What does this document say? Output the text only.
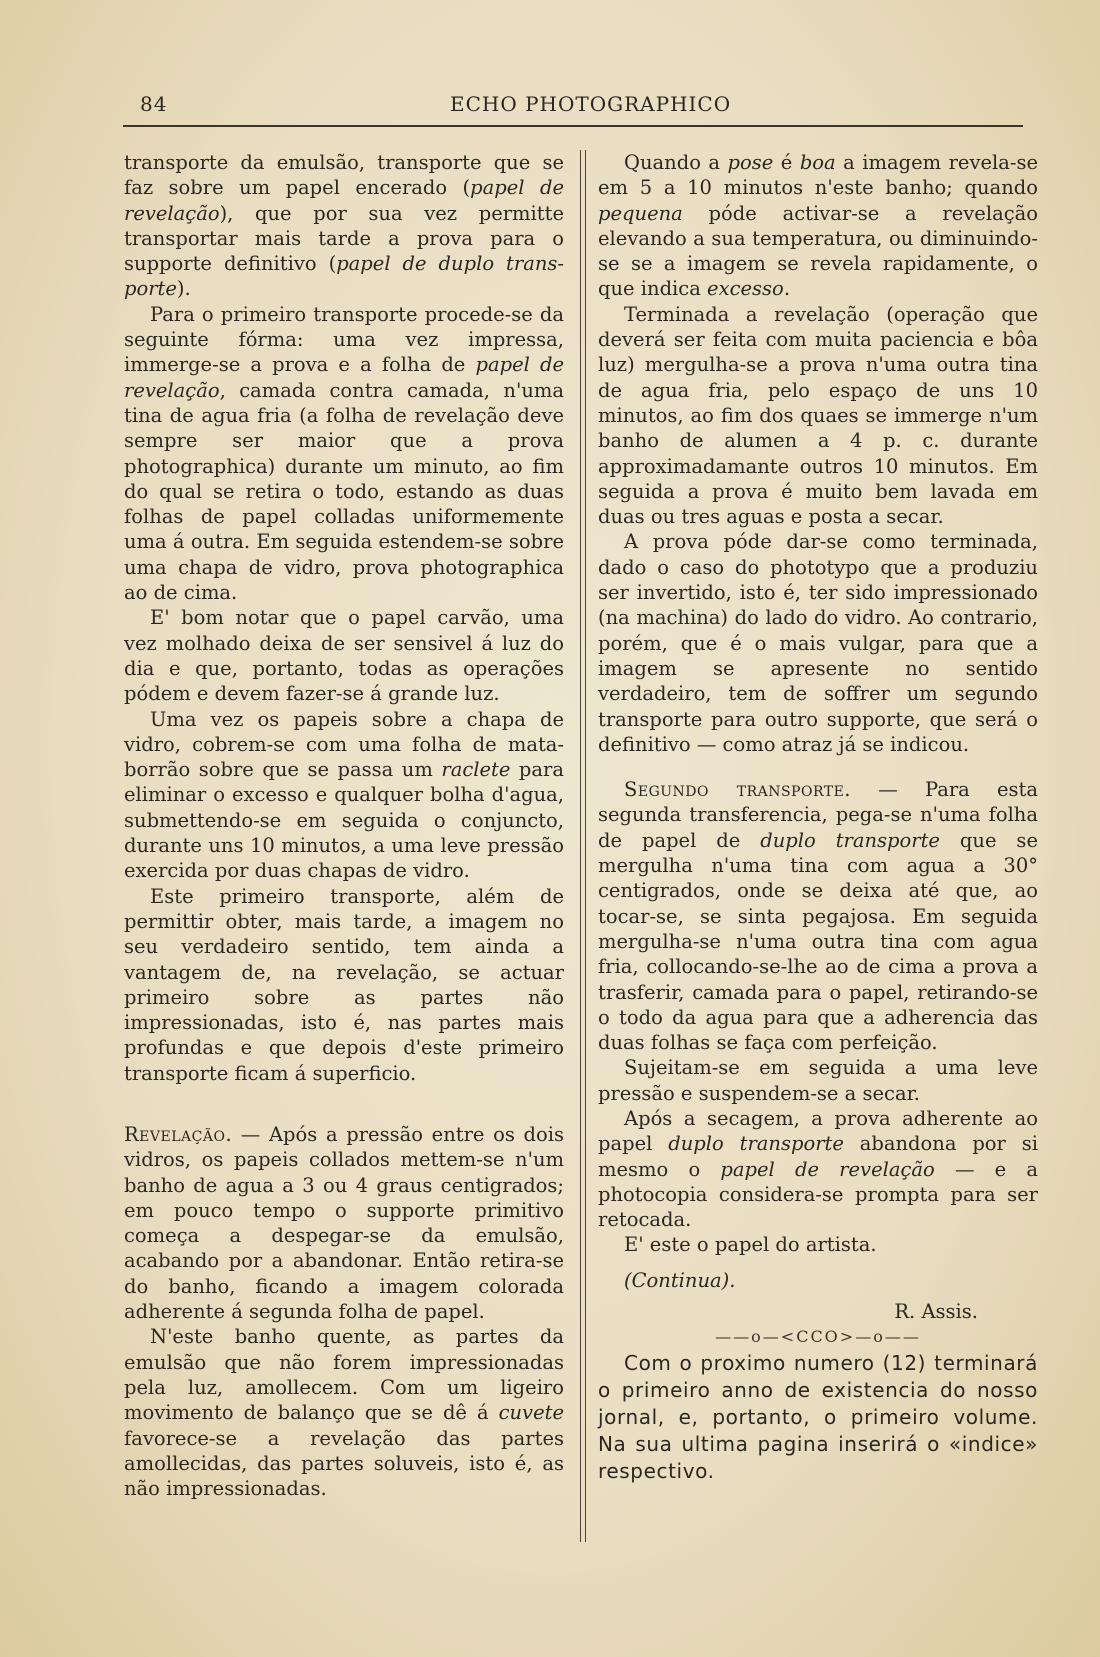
84	ECHO PHOTOGRAPHICO

transporte da emulsão, transporte que se faz sobre um papel encerado (papel de revelação), que por sua vez permitte transportar mais tarde a prova para o supporte definitivo (papel de duplo trans-porte).

Para o primeiro transporte procede-se da seguinte fórma: uma vez impressa, immerge-se a prova e a folha de papel de revelação, camada contra camada, n'uma tina de agua fria (a folha de revelação deve sempre ser maior que a prova photographica) durante um minuto, ao fim do qual se retira o todo, estando as duas folhas de papel colladas uniformemente uma á outra. Em seguida estendem-se sobre uma chapa de vidro, prova photographica ao de cima.

E' bom notar que o papel carvão, uma vez molhado deixa de ser sensivel á luz do dia e que, portanto, todas as operações pódem e devem fazer-se á grande luz.

Uma vez os papeis sobre a chapa de vidro, cobrem-se com uma folha de mata-borrão sobre que se passa um raclete para eliminar o excesso e qualquer bolha d'agua, submettendo-se em seguida o conjuncto, durante uns 10 minutos, a uma leve pressão exercida por duas chapas de vidro.

Este primeiro transporte, além de permittir obter, mais tarde, a imagem no seu verdadeiro sentido, tem ainda a vantagem de, na revelação, se actuar primeiro sobre as partes não impressionadas, isto é, nas partes mais profundas e que depois d'este primeiro transporte ficam á superficio.

Revelação. — Após a pressão entre os dois vidros, os papeis collados mettem-se n'um banho de agua a 3 ou 4 graus centigrados; em pouco tempo o supporte primitivo começa a despegar-se da emulsão, acabando por a abandonar. Então retira-se do banho, ficando a imagem colorada adherente á segunda folha de papel.

N'este banho quente, as partes da emulsão que não forem impressionadas pela luz, amollecem. Com um ligeiro movimento de balanço que se dê á cuvete favorece-se a revelação das partes amollecidas, das partes soluveis, isto é, as não impressionadas.

Quando a pose é boa a imagem revela-se em 5 a 10 minutos n'este banho; quando pequena póde activar-se a revelação elevando a sua temperatura, ou diminuindo-se se a imagem se revela rapidamente, o que indica excesso.

Terminada a revelação (operação que deverá ser feita com muita paciencia e bôa luz) mergulha-se a prova n'uma outra tina de agua fria, pelo espaço de uns 10 minutos, ao fim dos quaes se immerge n'um banho de alumen a 4 p. c. durante approximadamante outros 10 minutos. Em seguida a prova é muito bem lavada em duas ou tres aguas e posta a secar.

A prova póde dar-se como terminada, dado o caso do phototypo que a produziu ser invertido, isto é, ter sido impressionado (na machina) do lado do vidro. Ao contrario, porém, que é o mais vulgar, para que a imagem se apresente no sentido verdadeiro, tem de soffrer um segundo transporte para outro supporte, que será o definitivo — como atraz já se indicou.

Segundo transporte. — Para esta segunda transferencia, pega-se n'uma folha de papel de duplo transporte que se mergulha n'uma tina com agua a 30° centigrados, onde se deixa até que, ao tocar-se, se sinta pegajosa. Em seguida mergulha-se n'uma outra tina com agua fria, collocando-se-lhe ao de cima a prova a trasferir, camada para o papel, retirando-se o todo da agua para que a adherencia das duas folhas se faça com perfeição.

Sujeitam-se em seguida a uma leve pressão e suspendem-se a secar.

Após a secagem, a prova adherente ao papel duplo transporte abandona por si mesmo o papel de revelação — e a photocopia considera-se prompta para ser retocada.

E' este o papel do artista.

(Continua).

R. Assis.

——o—<CCO>—o——

Com o proximo numero (12) terminará o primeiro anno de existencia do nosso jornal, e, portanto, o primeiro volume. Na sua ultima pagina inserirá o «indice» respectivo.
